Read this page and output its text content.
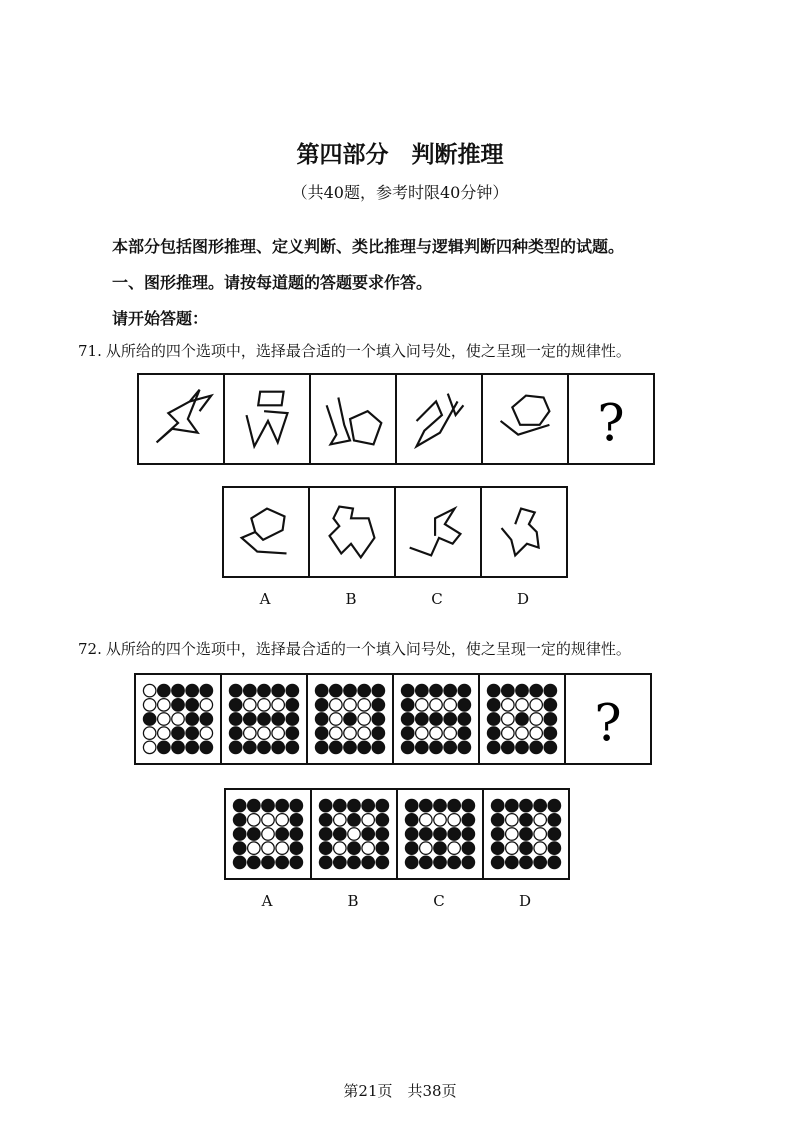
第四部分　判断推理
（共40题，参考时限40分钟）
本部分包括图形推理、定义判断、类比推理与逻辑判断四种类型的试题。
一、图形推理。请按每道题的答题要求作答。
请开始答题：
71. 从所给的四个选项中，选择最合适的一个填入问号处，使之呈现一定的规律性。
?
A	B	C	D
72. 从所给的四个选项中，选择最合适的一个填入问号处，使之呈现一定的规律性。
?
A	B	C	D
第21页　共38页
